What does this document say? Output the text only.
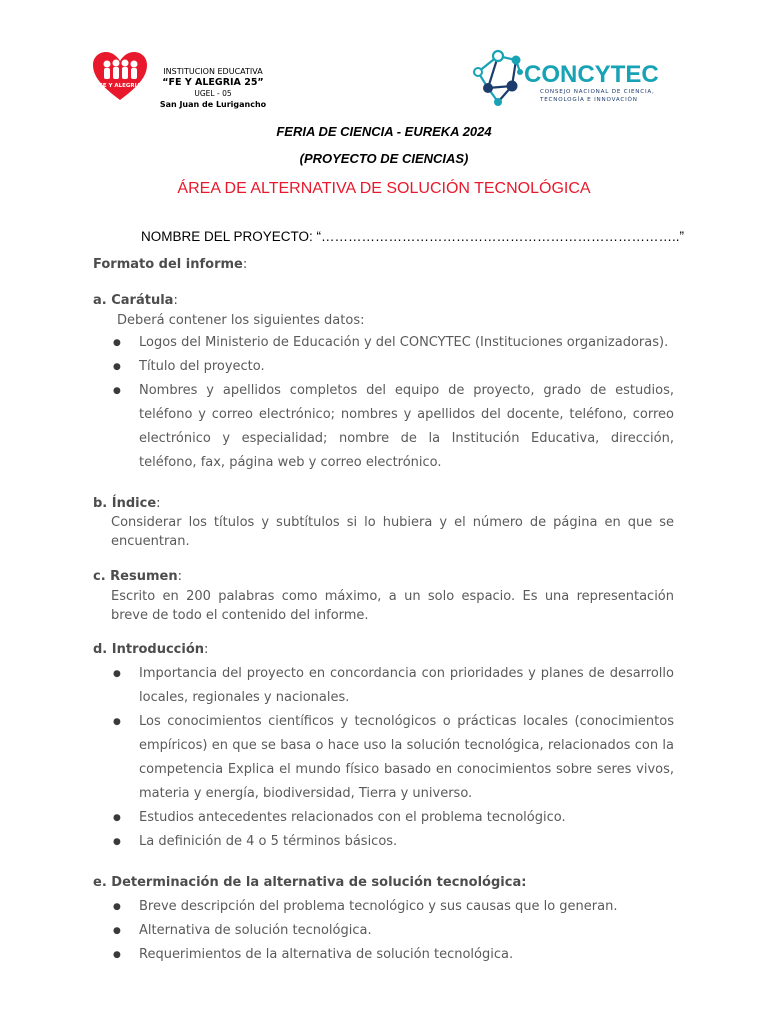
FE Y ALEGRIA
INSTITUCION EDUCATIVA
“FE Y ALEGRIA 25”
UGEL - 05
San Juan de Lurigancho
CONCYTEC
CONSEJO NACIONAL DE CIENCIA,
TECNOLOGÍA E INNOVACIÓN
FERIA DE CIENCIA - EUREKA 2024
(PROYECTO DE CIENCIAS)
ÁREA DE ALTERNATIVA DE SOLUCIÓN TECNOLÓGICA
NOMBRE DEL PROYECTO: “……………………………………………………………………..”
Formato del informe:
a. Carátula:
Deberá contener los siguientes datos:
● Logos del Ministerio de Educación y del CONCYTEC (Instituciones organizadoras).
● Título del proyecto.
● Nombres y apellidos completos del equipo de proyecto, grado de estudios, teléfono y correo electrónico; nombres y apellidos del docente, teléfono, correo electrónico y especialidad; nombre de la Institución Educativa, dirección, teléfono, fax, página web y correo electrónico.
b. Índice:
Considerar los títulos y subtítulos si lo hubiera y el número de página en que se encuentran.
c. Resumen:
Escrito en 200 palabras como máximo, a un solo espacio. Es una representación breve de todo el contenido del informe.
d. Introducción:
● Importancia del proyecto en concordancia con prioridades y planes de desarrollo locales, regionales y nacionales.
● Los conocimientos científicos y tecnológicos o prácticas locales (conocimientos empíricos) en que se basa o hace uso la solución tecnológica, relacionados con la competencia Explica el mundo físico basado en conocimientos sobre seres vivos, materia y energía, biodiversidad, Tierra y universo.
● Estudios antecedentes relacionados con el problema tecnológico.
● La definición de 4 o 5 términos básicos.
e. Determinación de la alternativa de solución tecnológica:
● Breve descripción del problema tecnológico y sus causas que lo generan.
● Alternativa de solución tecnológica.
● Requerimientos de la alternativa de solución tecnológica.
